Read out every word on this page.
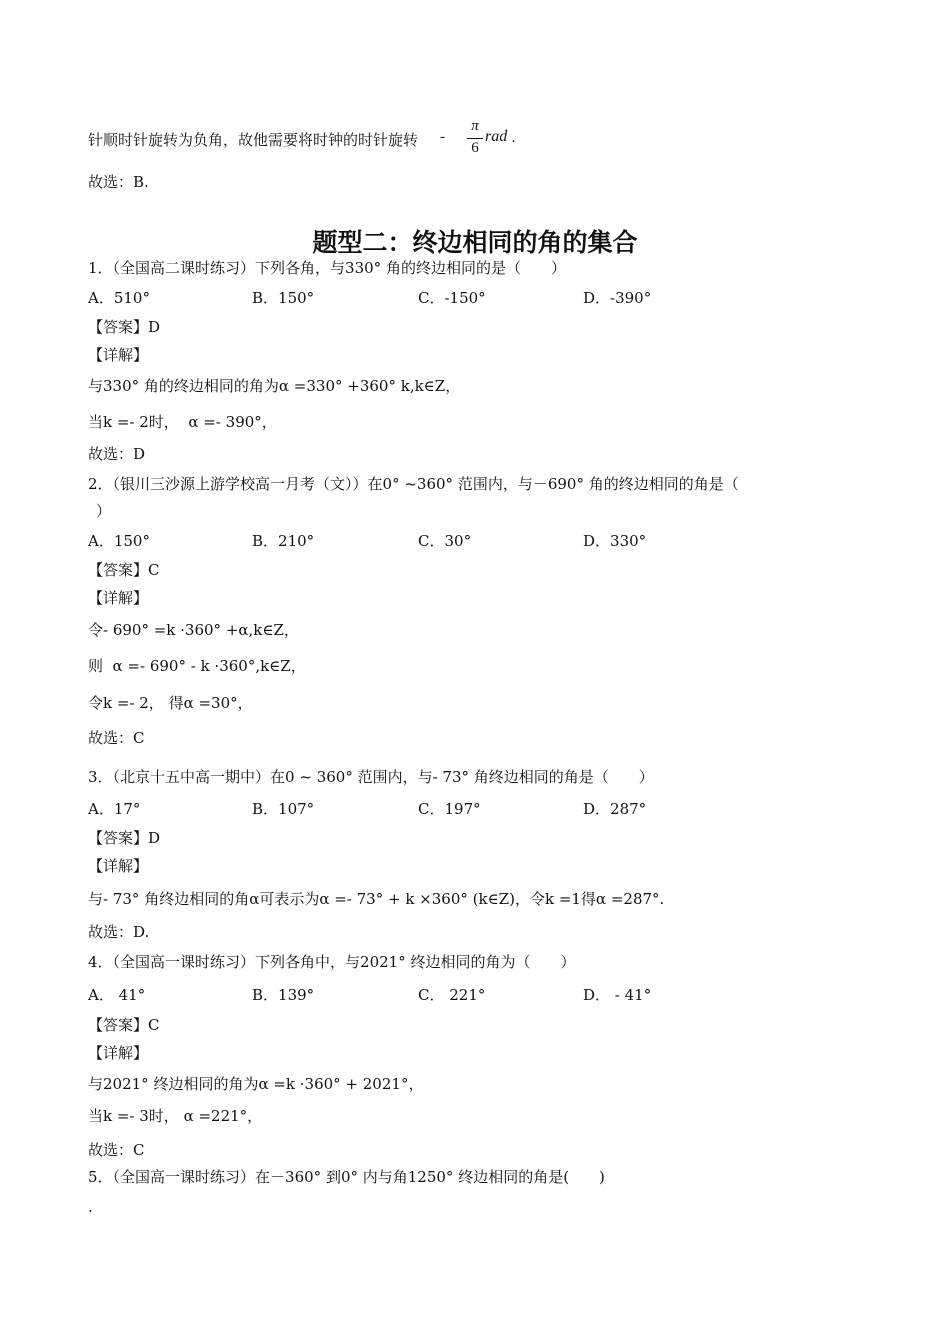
针顺时针旋转为负角，故他需要将时钟的时针旋转	-
π
6
rad .
故选：B.
题型二：终边相同的角的集合
1．（全国高二课时练习）下列各角，与330° 角的终边相同的是（　　）
A．510°	B．150°	C．-150°	D．-390°
【答案】D
【详解】
与330° 角的终边相同的角为α =330° +360° k,k∈Z，
当k =- 2时，  α =- 390°，
故选：D
2．（银川三沙源上游学校高一月考（文））在0° ~360° 范围内，与－690° 角的终边相同的角是（
）
A．150°	B．210°	C．30°	D．330°
【答案】C
【详解】
令- 690° =k ·360° +α,k∈Z，
则  α =- 690° - k ·360°,k∈Z，
令k =- 2， 得α =30°，
故选：C
3．（北京十五中高一期中）在0 ~ 360° 范围内，与- 73° 角终边相同的角是（　　）
A．17°	B．107°	C．197°	D．287°
【答案】D
【详解】
与- 73° 角终边相同的角α可表示为α =- 73° + k ×360° (k∈Z)，令k =1得α =287°.
故选：D.
4．（全国高一课时练习）下列各角中，与2021° 终边相同的角为（　　）
A． 41°	B．139°	C． 221°	D． - 41°
【答案】C
【详解】
与2021° 终边相同的角为α =k ·360° + 2021°，
当k =- 3时， α =221°，
故选：C
5．（全国高一课时练习）在－360° 到0° 内与角1250° 终边相同的角是(　　)
.
